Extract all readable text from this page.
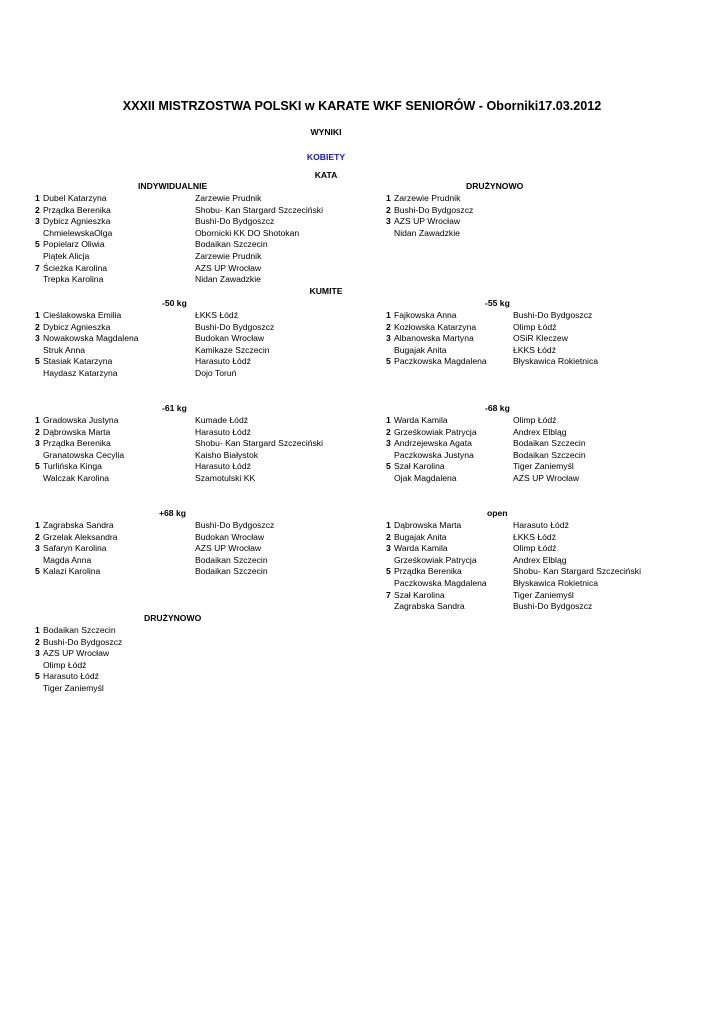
XXXII MISTRZOSTWA POLSKI w KARATE WKF SENIORÓW - Oborniki17.03.2012
WYNIKI
KOBIETY
KATA
INDYWIDUALNIE	DRUŻYNOWO
1 Dubel Katarzyna	Zarzewie Prudnik
2 Prządka Berenika	Shobu- Kan Stargard Szczeciński
3 Dybicz Agnieszka	Bushi-Do Bydgoszcz
ChmielewskaOlga	Obornicki KK DO Shotokan
5 Popielarz Oliwia	Bodaikan Szczecin
Piątek Alicja	Zarzewie Prudnik
7 Ścieżka Karolina	AZS UP Wrocław
Trepka Karolina	Nidan Zawadzkie
1 Zarzewie Prudnik
2 Bushi-Do Bydgoszcz
3 AZS UP Wrocław
Nidan Zawadzkie
KUMITE
-50 kg	-55 kg
1 Cieślakowska Emilia	ŁKKS Łódź
2 Dybicz Agnieszka	Bushi-Do Bydgoszcz
3 Nowakowska Magdalena	Budokan Wrocław
Struk Anna	Kamikaze Szczecin
5 Stasiak Katarzyna	Harasuto Łódź
Haydasz Katarzyna	Dojo Toruń
1 Fajkowska Anna	Bushi-Do Bydgoszcz
2 Kozłowska Katarzyna	Olimp Łódź
3 Albanowska Martyna	OSiR Kleczew
Bugajak Anita	ŁKKS Łódź
5 Paczkowska Magdalena	Błyskawica Rokietnica
-61 kg	-68 kg
1 Gradowska Justyna	Kumade Łódź
2 Dąbrowska Marta	Harasuto Łódź
3 Prządka Berenika	Shobu- Kan Stargard Szczeciński
Granatowska Cecylia	Kaisho Białystok
5 Turlińska Kinga	Harasuto Łódź
Walczak Karolina	Szamotulski KK
1 Warda Kamila	Olimp Łódź
2 Grześkowiak Patrycja	Andrex Elbląg
3 Andrzejewska Agata	Bodaikan Szczecin
Paczkowska Justyna	Bodaikan Szczecin
5 Szał Karolina	Tiger Zaniemyśl
Ojak Magdalena	AZS UP Wrocław
+68 kg	open
1 Zagrabska Sandra	Bushi-Do Bydgoszcz
2 Grzelak Aleksandra	Budokan Wrocław
3 Safaryn Karolina	AZS UP Wrocław
Magda Anna	Bodaikan Szczecin
5 Kalazi Karolina	Bodaikan Szczecin
1 Dąbrowska Marta	Harasuto Łódź
2 Bugajak Anita	ŁKKS Łódź
3 Warda Kamila	Olimp Łódź
Grześkowiak Patrycja	Andrex Elbląg
5 Prządka Berenika	Shobu- Kan Stargard Szczeciński
Paczkowska Magdalena	Błyskawica Rokietnica
7 Szał Karolina	Tiger Zaniemyśl
Zagrabska Sandra	Bushi-Do Bydgoszcz
DRUŻYNOWO
1 Bodaikan Szczecin
2 Bushi-Do Bydgoszcz
3 AZS UP Wrocław
Olimp Łódź
5 Harasuto Łódź
Tiger Zaniemyśl
